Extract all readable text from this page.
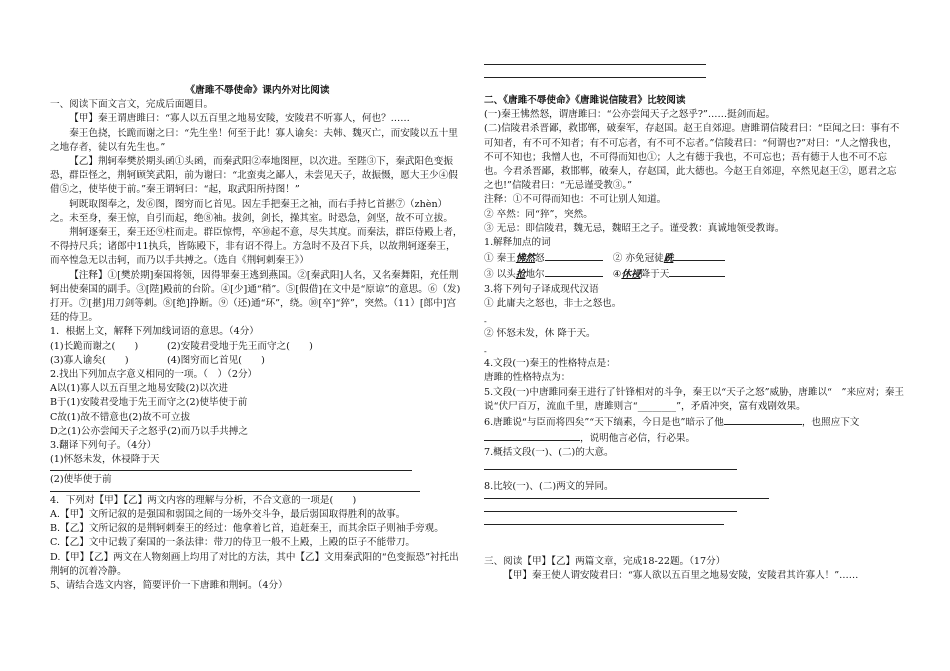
《唐雎不辱使命》课内外对比阅读

一、阅读下面文言文，完成后面题目。

【甲】秦王谓唐雎曰：“寡人以五百里之地易安陵，安陵君不听寡人，何也？……

秦王色挠，长跪而谢之曰：“先生坐！何至于此！寡人谕矣：夫韩、魏灭亡，而安陵以五十里之地存者，徒以有先生也。”

【乙】荆轲奉樊於期头函①头函，而秦武阳②奉地图匣，以次进。至陛③下，秦武阳色变振恐，群臣怪之，荆轲顾笑武阳，前为谢曰：“北蛮夷之鄙人，未尝见天子，故振慑，愿大王少④假借⑤之，使毕使于前。”秦王谓轲曰：“起，取武阳所持图！”

轲既取图奉之，发⑥图，图穷而匕首见。因左手把秦王之袖，而右手持匕首揕⑦（zhèn）之。未至身，秦王惊，自引而起，绝⑧袖。拔剑，剑长，操其室。时恐急，剑坚，故不可立拔。

荆轲逐秦王，秦王还⑨柱而走。群臣惊愕，卒⑩起不意，尽失其度。而秦法，群臣侍殿上者，不得持尺兵；诸郎中11执兵，皆陈殿下，非有诏不得上。方急时不及召下兵，以故荆轲逐秦王，而卒惶急无以击轲，而乃以手共搏之。（选自《荆轲刺秦王》）

【注释】①[樊於期]秦国将领，因得罪秦王逃到燕国。②[秦武阳]人名，又名秦舞阳，充任荆轲出使秦国的副手。③[陛]殿前的台阶。④[少]通“稍”。⑤[假借]在文中是“原谅”的意思。⑥（发)打开。⑦[揕]用刀剑等刺。⑧[绝]挣断。⑨（还)通“环”，绕。⑩[卒]“猝”，突然。（11）[郎中]宫廷的侍卫。

1．根据上文，解释下列加线词语的意思。（4分）

(1)长跪而谢之(　　)　　　(2)安陵君受地于先王而守之(　　)

(3)寡人谕矣(　　)　　　　(4)图穷而匕首见(　　)

2.找出下列加点字意义相同的一项。（　）（2分）

A以(1)寡人以五百里之地易安陵(2)以次进

B于(1)安陵君受地于先王而守之(2)使毕使于前

C故(1)故不错意也(2)故不可立拔

D之(1)公亦尝闻天子之怒乎(2)而乃以手共搏之

3.翻译下列句子。（4分）

(1)怀怒未发，休祲降于天

(2)使毕使于前

4．下列对【甲】【乙】两文内容的理解与分析，不合文意的一项是(　　)

A.【甲】文所记叙的是强国和弱国之间的一场外交斗争，最后弱国取得胜利的故事。

B.【乙】文所记叙的是荆轲刺秦王的经过：他拿着匕首，追赶秦王，而其余臣子则袖手旁观。

C.【乙】文中记载了秦国的一条法律：带刀的侍卫一般不上殿，上殿的臣子不能带刀。

D.【甲】【乙】两文在人物刻画上均用了对比的方法，其中【乙】文用秦武阳的“色变振恐”衬托出荆轲的沉着冷静。

5、请结合选文内容，简要评价一下唐雎和荆轲。（4分）

二、《唐雎不辱使命》《唐雎说信陵君》比较阅读

(一)秦王怫然怒，谓唐雎曰：“公亦尝闻天子之怒乎?”……挺剑而起。

(二)信陵君杀晋鄙，救邯郸，破秦军，存赵国。赵王自郊迎。唐雎谓信陵君曰：“臣闻之曰：事有不可知者，有不可不知者；有不可忘者，有不可不忘者。”信陵君曰：“何谓也?”对曰：“人之憎我也，不可不知也；我憎人也，不可得而知也①；人之有德于我也，不可忘也；吾有德于人也不可不忘也。今君杀晋鄙，救邯郸，破秦人，存赵国，此大德也。今赵王自郊迎，卒然见赵王②，愿君之忘之也!”信陵君曰：“无忌谨受教③。”

注释：①不可得而知也：不可让别人知道。

② 卒然：同“猝”，突然。

③ 无忌：即信陵君，魏无忌，魏昭王之子。谨受教：真诚地领受教诲。

1.解释加点的词

① 秦王怫然怒	② 亦免冠徒跣

③ 以头抢地尔	④休祲降于天

3.将下列句子译成现代汉语

① 此庸夫之怒也，非士之怒也。

-

② 怀怒未发，休 降于天。

-

4.文段(一)秦王的性格特点是：

唐雎的性格特点为：

5.文段(一)中唐雎同秦王进行了针锋相对的斗争，秦王以“天子之怒”威胁，唐雎以“　”来应对；秦王说“伏尸百万，流血千里，唐雎则言“________”，矛盾冲突，富有戏剧效果。

6.唐雎说“与臣而将四矣”“天下缟素，今日是也”暗示了他	，也照应下文，说明他言必信，行必果。

7.概括文段(一)、(二)的大意。

8.比较(一)、(二)两文的异同。

三、阅读【甲】【乙】两篇文章，完成18-22题。（17分）

【甲】秦王使人谓安陵君曰：“寡人欲以五百里之地易安陵，安陵君其许寡人！”……
